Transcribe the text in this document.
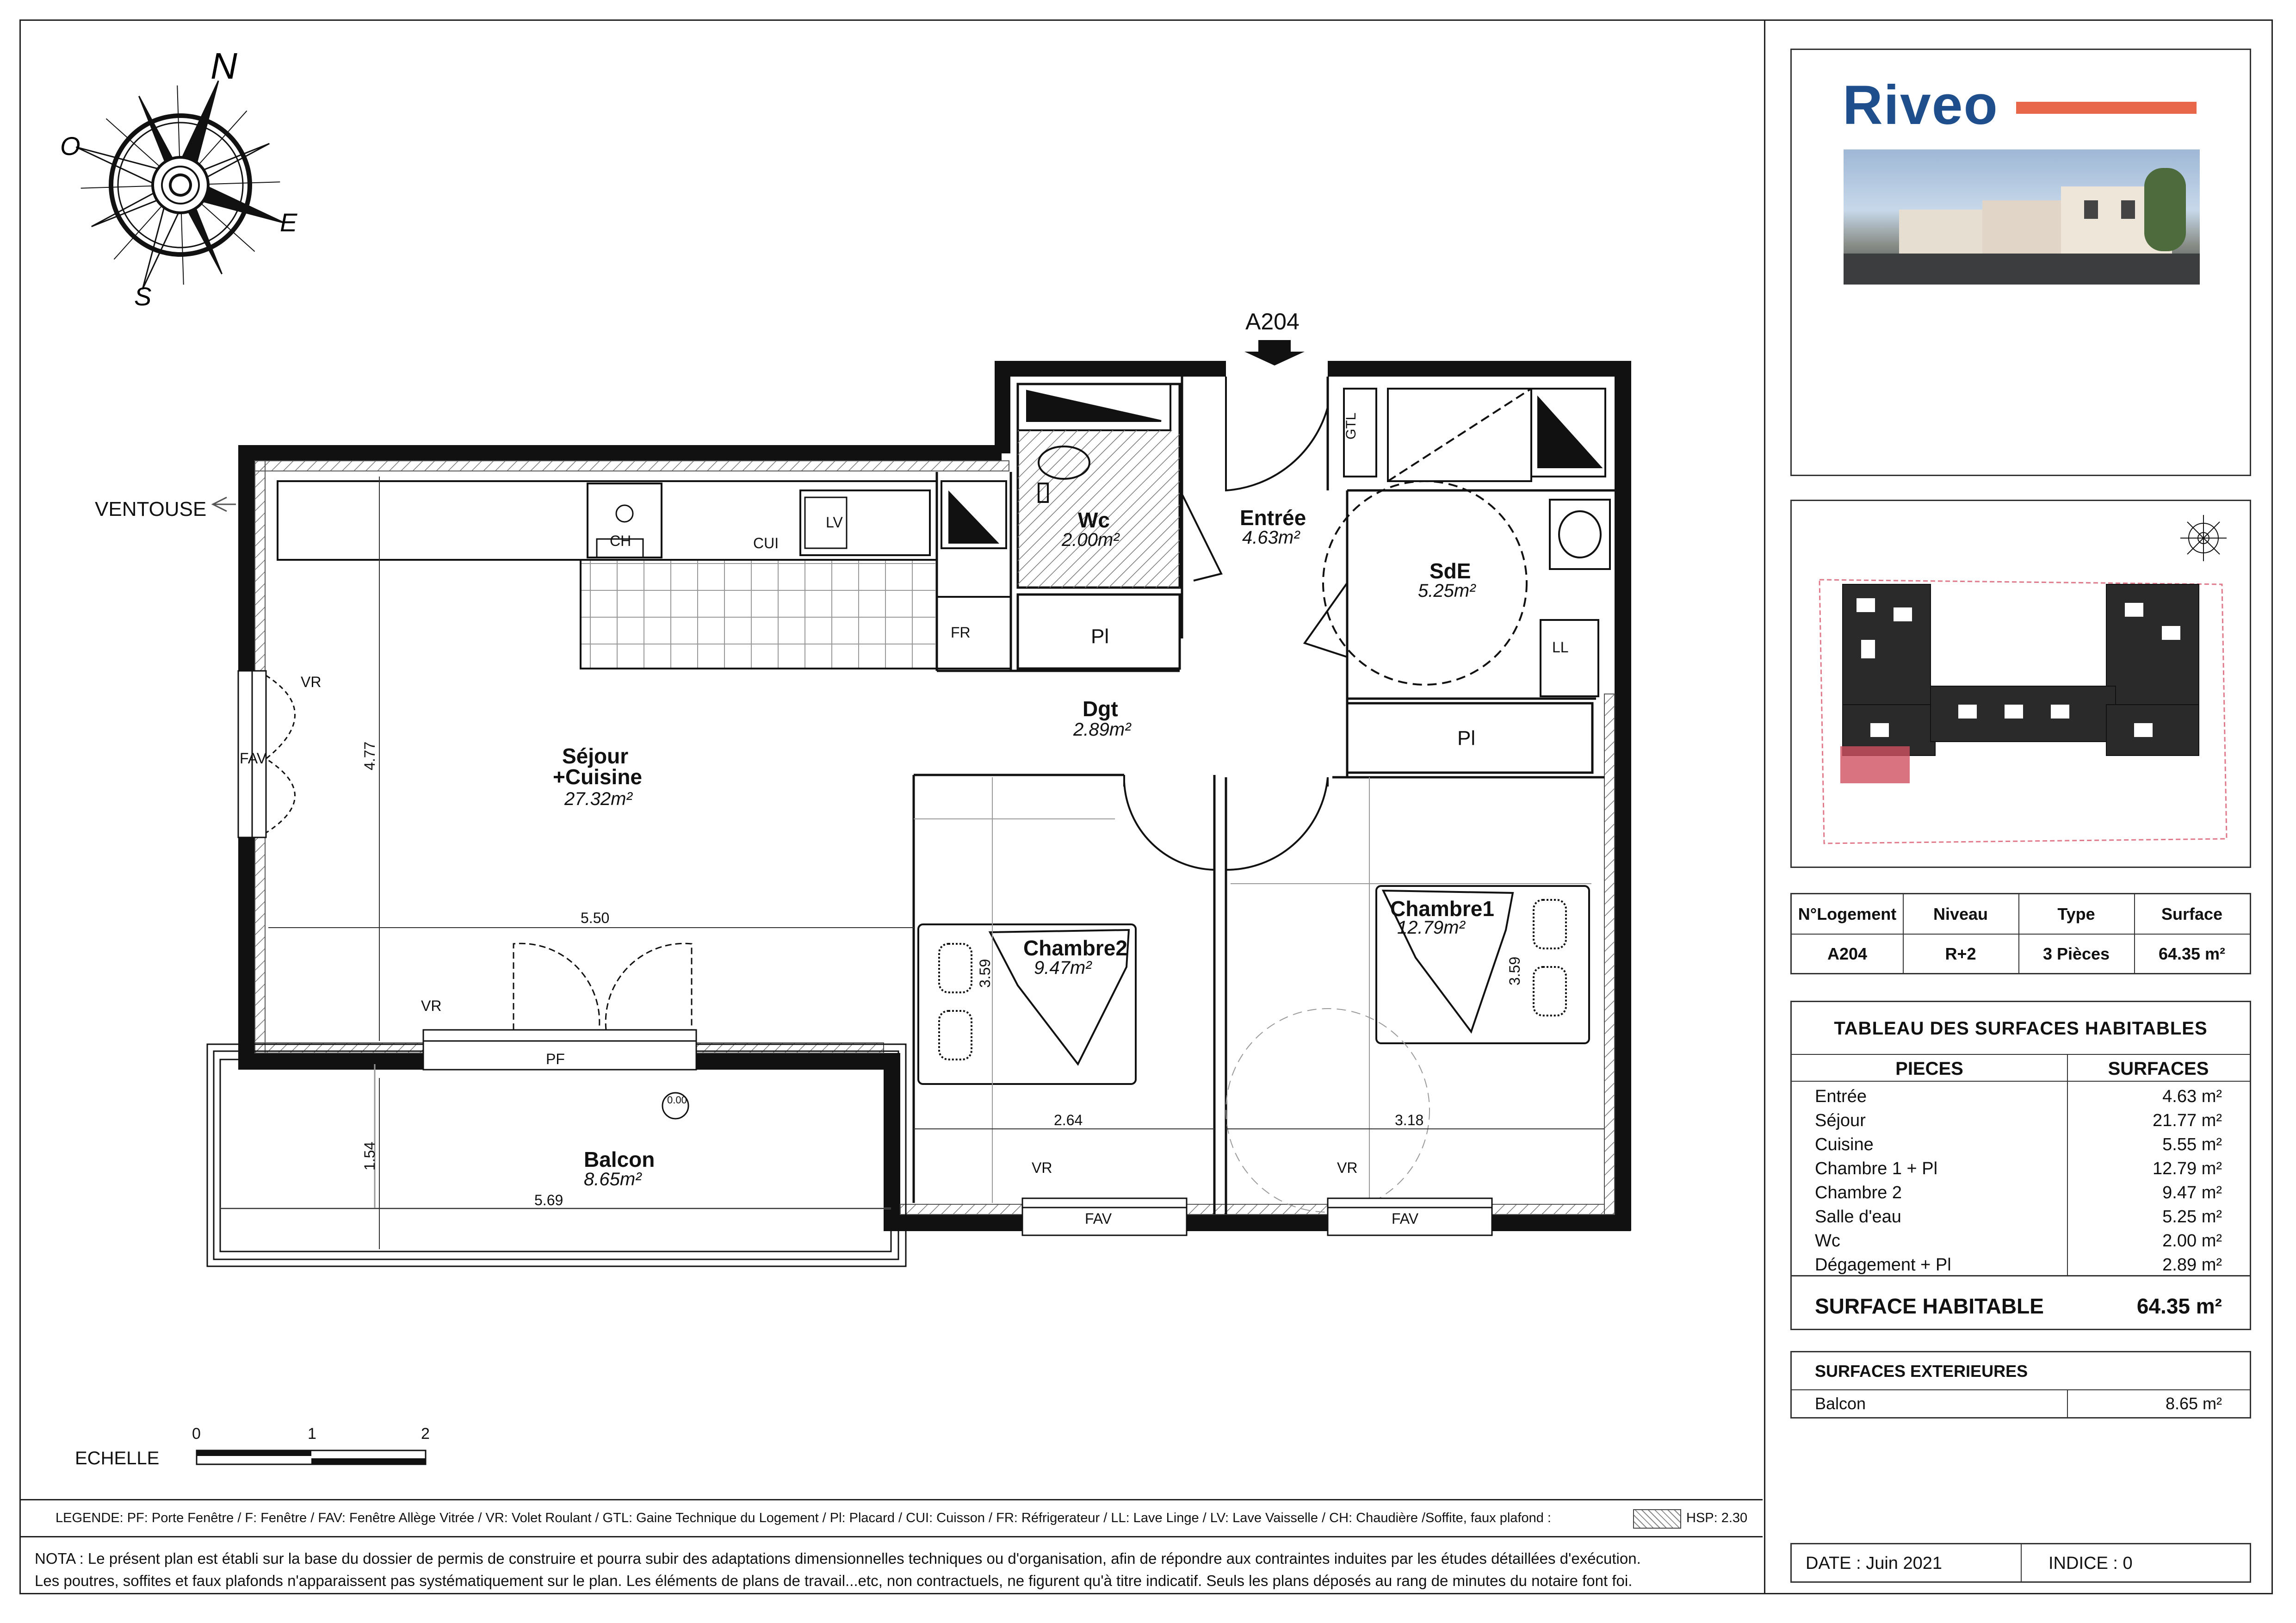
N
O
E
S
VENTOUSE
A204
Wc
2.00m²
Entrée
4.63m²
SdE
5.25m²
Séjour
+Cuisine
27.32m²
Dgt
2.89m²
Chambre1
12.79m²
Chambre2
9.47m²
Balcon
8.65m²
CH	CUI
LV
FR
GTL
LL
Pl
Pl
VR
FAV
VR
PF
VR
FAV
VR
FAV
0.00
4.77
5.50
1.54
5.69
2.64	3.18
3.59	3.59
ECHELLE
0	1	2
LEGENDE: PF: Porte Fenêtre / F: Fenêtre / FAV: Fenêtre Allège Vitrée / VR: Volet Roulant / GTL: Gaine Technique du Logement / Pl: Placard / CUI: Cuisson / FR: Réfrigerateur / LL: Lave Linge / LV: Lave Vaisselle / CH: Chaudière /Soffite, faux plafond :	HSP: 2.30
NOTA : Le présent plan est établi sur la base du dossier de permis de construire et pourra subir des adaptations dimensionnelles techniques ou d'organisation, afin de répondre aux contraintes induites par les études détaillées d'exécution.
Les poutres, soffites et faux plafonds n'apparaissent pas systématiquement sur le plan. Les éléments de plans de travail...etc, non contractuels, ne figurent qu'à titre indicatif. Seuls les plans déposés au rang de minutes du notaire font foi.
Riveo
N°Logement	Niveau	Type	Surface
A204	R+2	3 Pièces	64.35 m²
TABLEAU DES SURFACES HABITABLES
PIECES	SURFACES
Entrée	4.63 m²
Séjour	21.77 m²
Cuisine	5.55 m²
Chambre 1 + Pl	12.79 m²
Chambre 2	9.47 m²
Salle d'eau	5.25 m²
Wc	2.00 m²
Dégagement + Pl	2.89 m²
SURFACE HABITABLE	64.35 m²
SURFACES EXTERIEURES
Balcon	8.65 m²
DATE : Juin 2021	INDICE : 0
